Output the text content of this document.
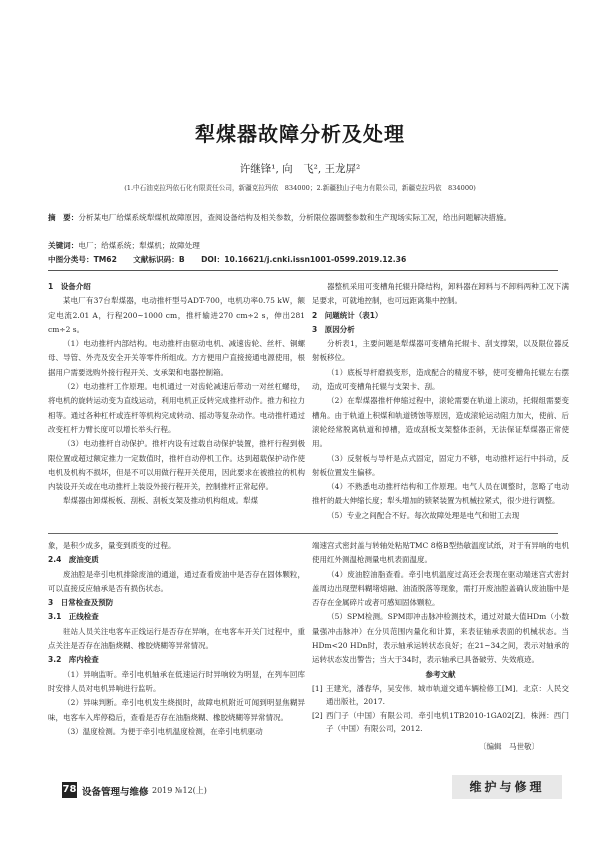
犁煤器故障分析及处理
许继锋¹, 向　飞², 王龙屏²
(1.中石油克拉玛依石化有限责任公司，新疆克拉玛依　834000；2.新疆独山子电力有限公司，新疆克拉玛依　834000)
摘　要：分析某电厂给煤系统犁煤机故障原因，查阅设备结构及相关参数，分析限位器调整参数和生产现场实际工况，给出问题解决措施。
关键词：电厂；给煤系统；犁煤机；故障处理
中图分类号：TM62 文献标识码：B DOI：10.16621/j.cnki.issn1001-0599.2019.12.36

1　设备介绍

某电厂有37台犁煤器，电动推杆型号ADT-700，电机功率0.75 kW，额定电流2.01 A，行程200~1000 cm，推杆输进270 cm÷2 s，伸出281 cm÷2 s。

（1）电动推杆内部结构。电动推杆由驱动电机、减速齿轮、丝杆、铜螺母、导管、外壳及安全开关等零件所组成。方方便用户直接接通电源使用，根据用户需要选购外接行程开关、支承架和电器控制箱。

（2）电动推杆工作原理。电机通过一对齿轮减速后带动一对丝杠螺母，将电机的旋转运动变为直线运动，利用电机正反转完成推杆动作。推力和拉力相等。通过各种杠杆或连杆等机构完成转动、摇动等复杂动作。电动推杆通过改变杠杆力臂长度可以增长举头行程。

（3）电动推杆自动保护。推杆内设有过载自动保护装置，推杆行程到极限位置或超过额定推力一定数值时，推杆自动停机工作。达到超载保护动作使电机及机构不损坏，但是不可以用做行程开关使用，因此要求在被推拉的机构内装设开关或在电动推杆上装设外接行程开关，控制推杆正常起停。

犁煤器由卸煤板板、刮板、刮板支架及推动机构组成。犁煤

器整机采用可变槽角托辊升降结构，卸料器在卸料与不卸料两种工况下满足要求，可就地控制，也可远距离集中控制。

2　问题统计（表1）

3　原因分析

分析表1，主要问题是犁煤器可变槽角托辊卡、刮支撑架，以及限位器反射板移位。

（1）底板导杆磨损变形，造成配合的精度不够，使可变槽角托辊左右摆动，造成可变槽角托辊与支架卡、刮。

（2）在犁煤器推杆伸缩过程中，滚轮需要在轨道上滚动，托辊组需要变槽角。由于轨道上积煤和轨道锈蚀等原因，造成滚轮运动阻力加大，使前、后滚轮经常脱离轨道和掉槽，造成刮板支架整体歪斜，无法保证犁煤器正常使用。

（3）反射板与导杆是点式固定，固定力不够，电动推杆运行中抖动，反射板位置发生偏移。

（4）不熟悉电动推杆结构和工作原理。电气人员在调整时，忽略了电动推杆的最大伸缩长度；犁头增加的锁紧装置为机械拉紧式，很少进行调整。

（5）专业之间配合不好。每次故障处理是电气和钳工去现

象，是积少成多，量变到质变的过程。

2.4　废油变质

废油腔是牵引电机排除废油的通道，通过查看废油中是否存在固体颗粒，可以直接反应轴承是否有损伤状态。

3　日常检查及预防

3.1　正线检查

驻站人员关注电客车正线运行是否存在异响，在电客车开关门过程中，重点关注是否存在油脂烧糊、橡胶烧糊等异常情况。

3.2　库内检查

（1）异响监听。牵引电机轴承在低速运行时异响较为明显，在列车回库时安排人员对电机异响进行监听。

（2）异味判断。牵引电机发生烧损时，故障电机附近可闻到明显焦糊异味，电客车入库停稳后，查看是否存在油脂烧糊、橡胶烧糊等异常情况。

（3）温度检测。为便于牵引电机温度检测，在牵引电机驱动

端速宫式密封盖与转轴处粘贴TMC 8格B型热敏温度试纸，对于有异响的电机使用红外测温枪测量电机表面温度。

（4）废油腔油脂查看。牵引电机温度过高还会表现在驱动端迷宫式密封盖周边出现塑料糊堵熔融、油渣脱落等现象，需打开废油腔盖确认废油脂中是否存在金属碎片或者可感知固体颗粒。

（5）SPM检测。SPM即冲击脉冲检测技术，通过对最大值HDm（小数量强冲击脉冲）在分贝范围内量化和计算，来表征轴承表面的机械状态。当HDm<20 HDn时，表示轴承运转状态良好；在21~34之间，表示对轴承的运转状态发出警告；当大于34时，表示轴承已具备破劳、失效痕迹。

参考文献

[1] 王建光，潘春华，吴安伟．城市轨道交通车辆检修工[M]．北京：人民交通出版社，2017.

[2] 西门子（中国）有限公司．牵引电机1TB2010-1GA02[Z]．株洲：西门子（中国）有限公司，2012.

〔编辑　马世敬〕

78 设备管理与维修 2019 №12(上)	维护与修理
